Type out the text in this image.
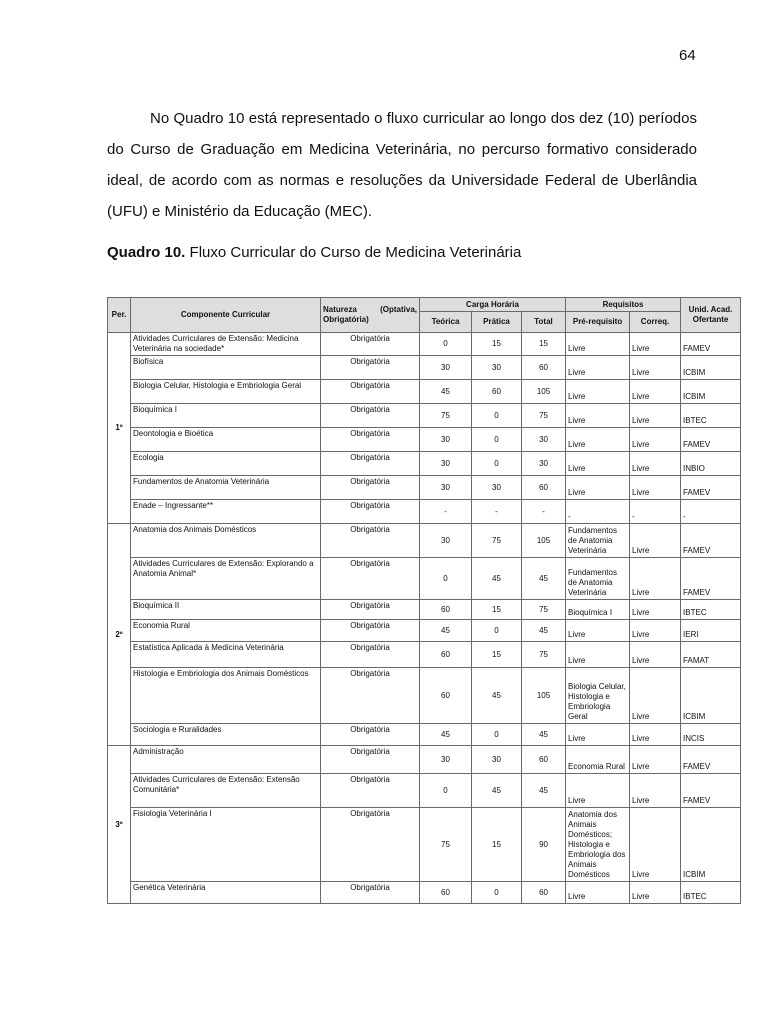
64

No Quadro 10 está representado o fluxo curricular ao longo dos dez (10) períodos
do Curso de Graduação em Medicina Veterinária, no percurso formativo considerado
ideal, de acordo com as normas e resoluções da Universidade Federal de Uberlândia
(UFU) e Ministério da Educação (MEC).

Quadro 10. Fluxo Curricular do Curso de Medicina Veterinária

Per.	Componente Curricular	Natureza (Optativa,
Obrigatória)	Carga Horária			Requisitos		Unid. Acad. Ofertante
			Teórica	Prática	Total	Pré-requisito	Correq.	
1º	Atividades Curriculares de Extensão: Medicina Veterinária na sociedade*	Obrigatória	0	15	15	Livre	Livre	FAMEV
	Biofísica	Obrigatória	30	30	60	Livre	Livre	ICBIM
	Biologia Celular, Histologia e Embriologia Geral	Obrigatória	45	60	105	Livre	Livre	ICBIM
	Bioquímica I	Obrigatória	75	0	75	Livre	Livre	IBTEC
	Deontologia e Bioética	Obrigatória	30	0	30	Livre	Livre	FAMEV
	Ecologia	Obrigatória	30	0	30	Livre	Livre	INBIO
	Fundamentos de Anatomia Veterinária	Obrigatória	30	30	60	Livre	Livre	FAMEV
	Enade – Ingressante**	Obrigatória	-	-	-	-	-	-
2º	Anatomia dos Animais Domésticos	Obrigatória	30	75	105	Fundamentos de Anatomia Veterinária	Livre	FAMEV
	Atividades Curriculares de Extensão: Explorando a Anatomia Animal*	Obrigatória	0	45	45	Fundamentos de Anatomia Veterinária	Livre	FAMEV
	Bioquímica II	Obrigatória	60	15	75	Bioquímica I	Livre	IBTEC
	Economia Rural	Obrigatória	45	0	45	Livre	Livre	IERI
	Estatística Aplicada à Medicina Veterinária	Obrigatória	60	15	75	Livre	Livre	FAMAT
	Histologia e Embriologia dos Animais Domésticos	Obrigatória	60	45	105	Biologia Celular, Histologia e Embriologia Geral	Livre	ICBIM
	Sociologia e Ruralidades	Obrigatória	45	0	45	Livre	Livre	INCIS
3º	Administração	Obrigatória	30	30	60	Economia Rural	Livre	FAMEV
	Atividades Curriculares de Extensão: Extensão Comunitária*	Obrigatória	0	45	45	Livre	Livre	FAMEV
	Fisiologia Veterinária I	Obrigatória	75	15	90	Anatomia dos Animais Domésticos; Histologia e Embriologia dos Animais Domésticos	Livre	ICBIM
	Genética Veterinária	Obrigatória	60	0	60	Livre	Livre	IBTEC
